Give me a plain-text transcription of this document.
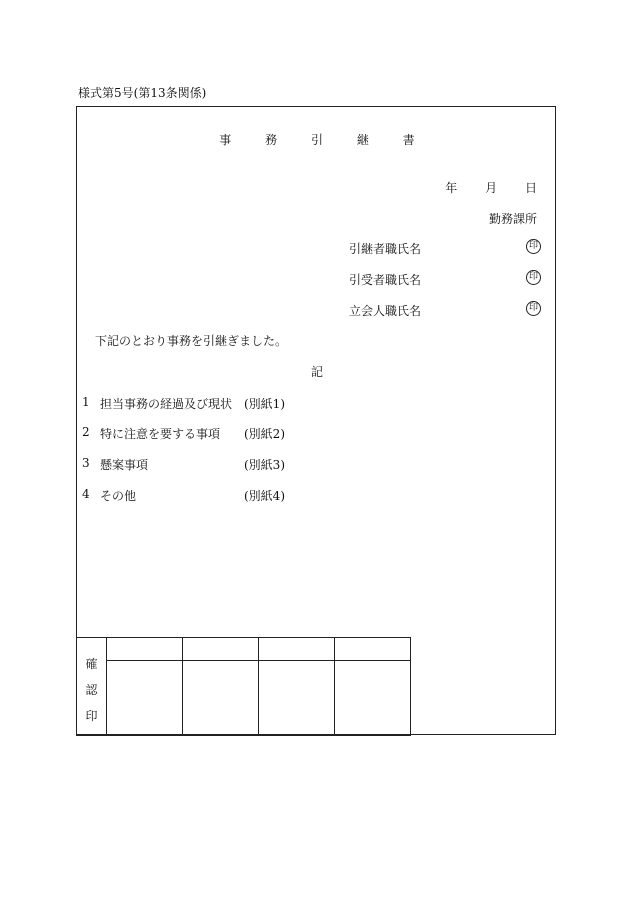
様式第5号(第13条関係)
事	務	引	継	書
年 月 日
勤務課所
引継者職氏名	印
引受者職氏名	印
立会人職氏名	印
下記のとおり事務を引継ぎました。
記
1 担当事務の経過及び現状 (別紙1)
2 特に注意を要する事項 (別紙2)
3 懸案事項	(別紙3)
4 その他	(別紙4)
確
認
印				
